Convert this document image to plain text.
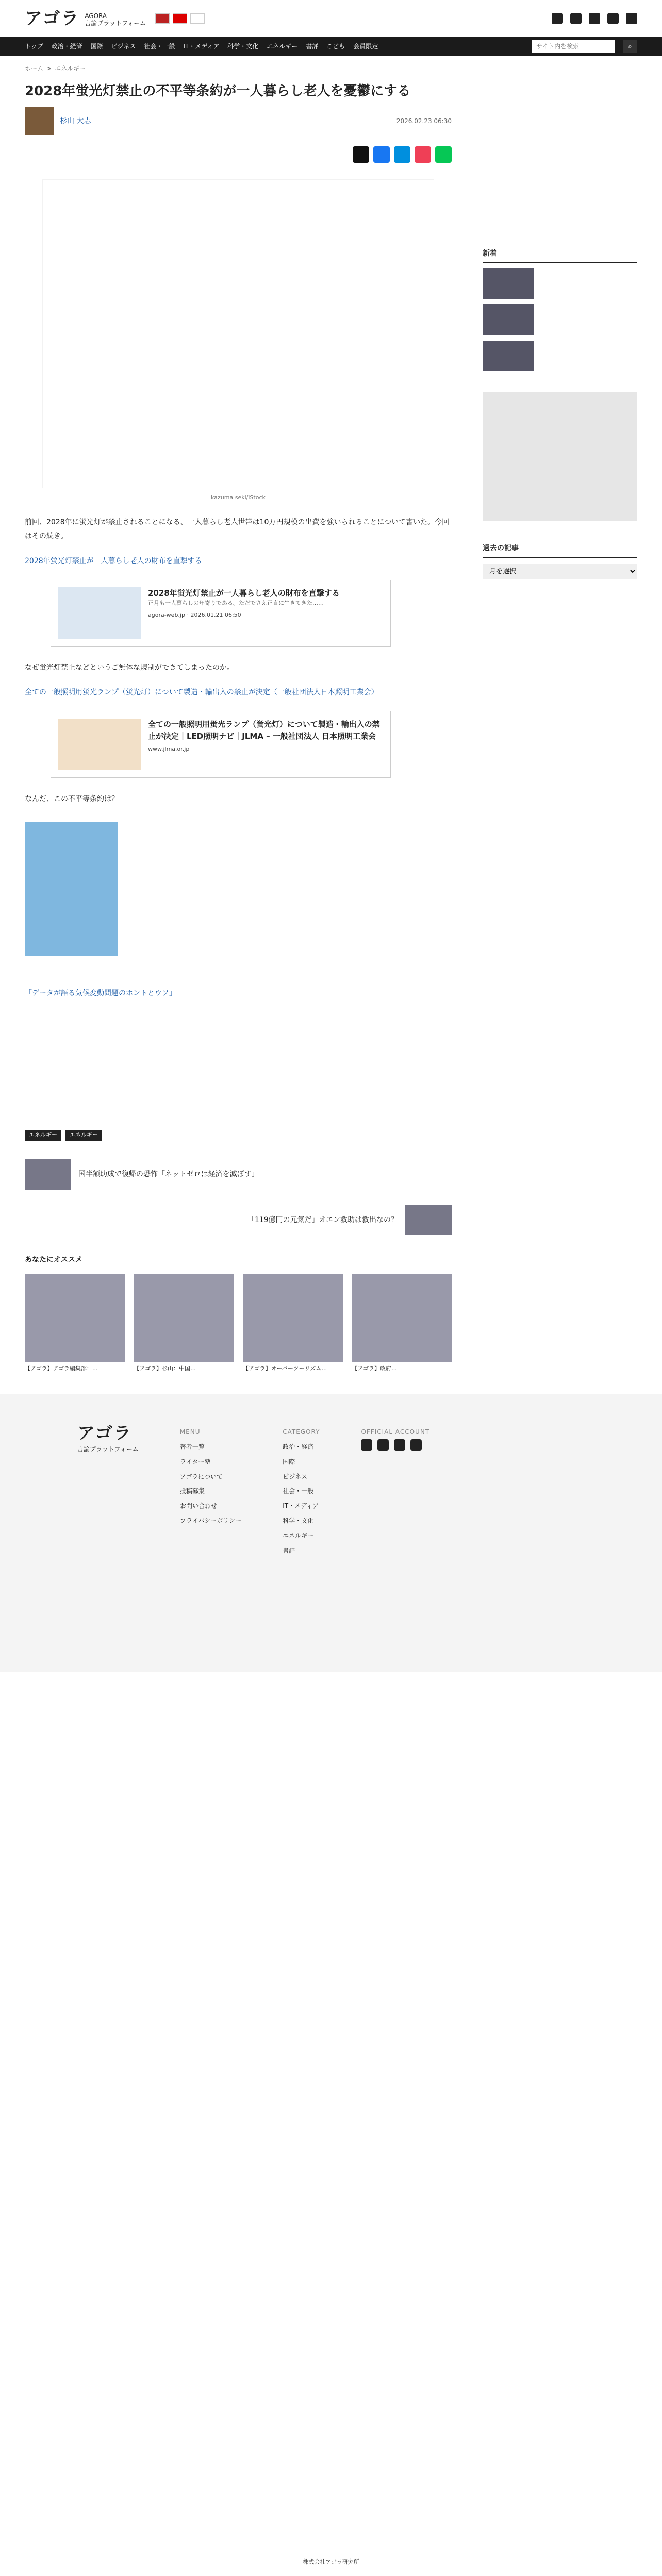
アゴラ AGORA
言論プラットフォーム
トップ 政治・経済 国際 ビジネス 社会・一般 IT・メディア 科学・文化 エネルギー 書評 こども 会員限定
サイト内を検索	⌕
ホーム > エネルギー
2028年蛍光灯禁止の不平等条約が一人暮らし老人を憂鬱にする
杉山 大志	2026.02.23 06:30
kazuma seki/iStock

前回、2028年に蛍光灯が禁止されることになる、一人暮らし老人世帯は10万円規模の出費を強いられることについて書いた。今回はその続き。

2028年蛍光灯禁止が一人暮らし老人の財布を直撃する

2028年蛍光灯禁止が一人暮らし老人の財布を直撃する
正月も一人暮らしの年寄りである。ただでさえ正直に生きてきた……
agora-web.jp · 2026.01.21 06:50

なぜ蛍光灯禁止などというご無体な規制ができてしまったのか。

全ての一般照明用蛍光ランプ（蛍光灯）について製造・輸出入の禁止が決定（一般社団法人日本照明工業会）

全ての一般照明用蛍光ランプ（蛍光灯）について製造・輸出入の禁止が決定｜LED照明ナビ｜JLMA – 一般社団法人 日本照明工業会
www.jlma.or.jp

なんだ、この不平等条約は？

「データが語る気候変動問題のホントとウソ」

エネルギー	エネルギー
国半額助成で復帰の恐怖「ネットゼロは経済を滅ぼす」
「119億円の元気だ」オエン救助は救出なの？
あなたにオススメ
【アゴラ】アゴラ編集部：…	【アゴラ】杉山：中国…	【アゴラ】オーバーツーリズム…	【アゴラ】政府…
新着
過去の記事
月を選択
アゴラ
言論プラットフォーム
MENU
著者一覧
ライター塾
アゴラについて
投稿募集
お問い合わせ
プライバシーポリシー
CATEGORY
政治・経済
国際
ビジネス
社会・一般
IT・メディア
科学・文化
エネルギー
書評
OFFICIAL ACCOUNT
株式会社アゴラ研究所
